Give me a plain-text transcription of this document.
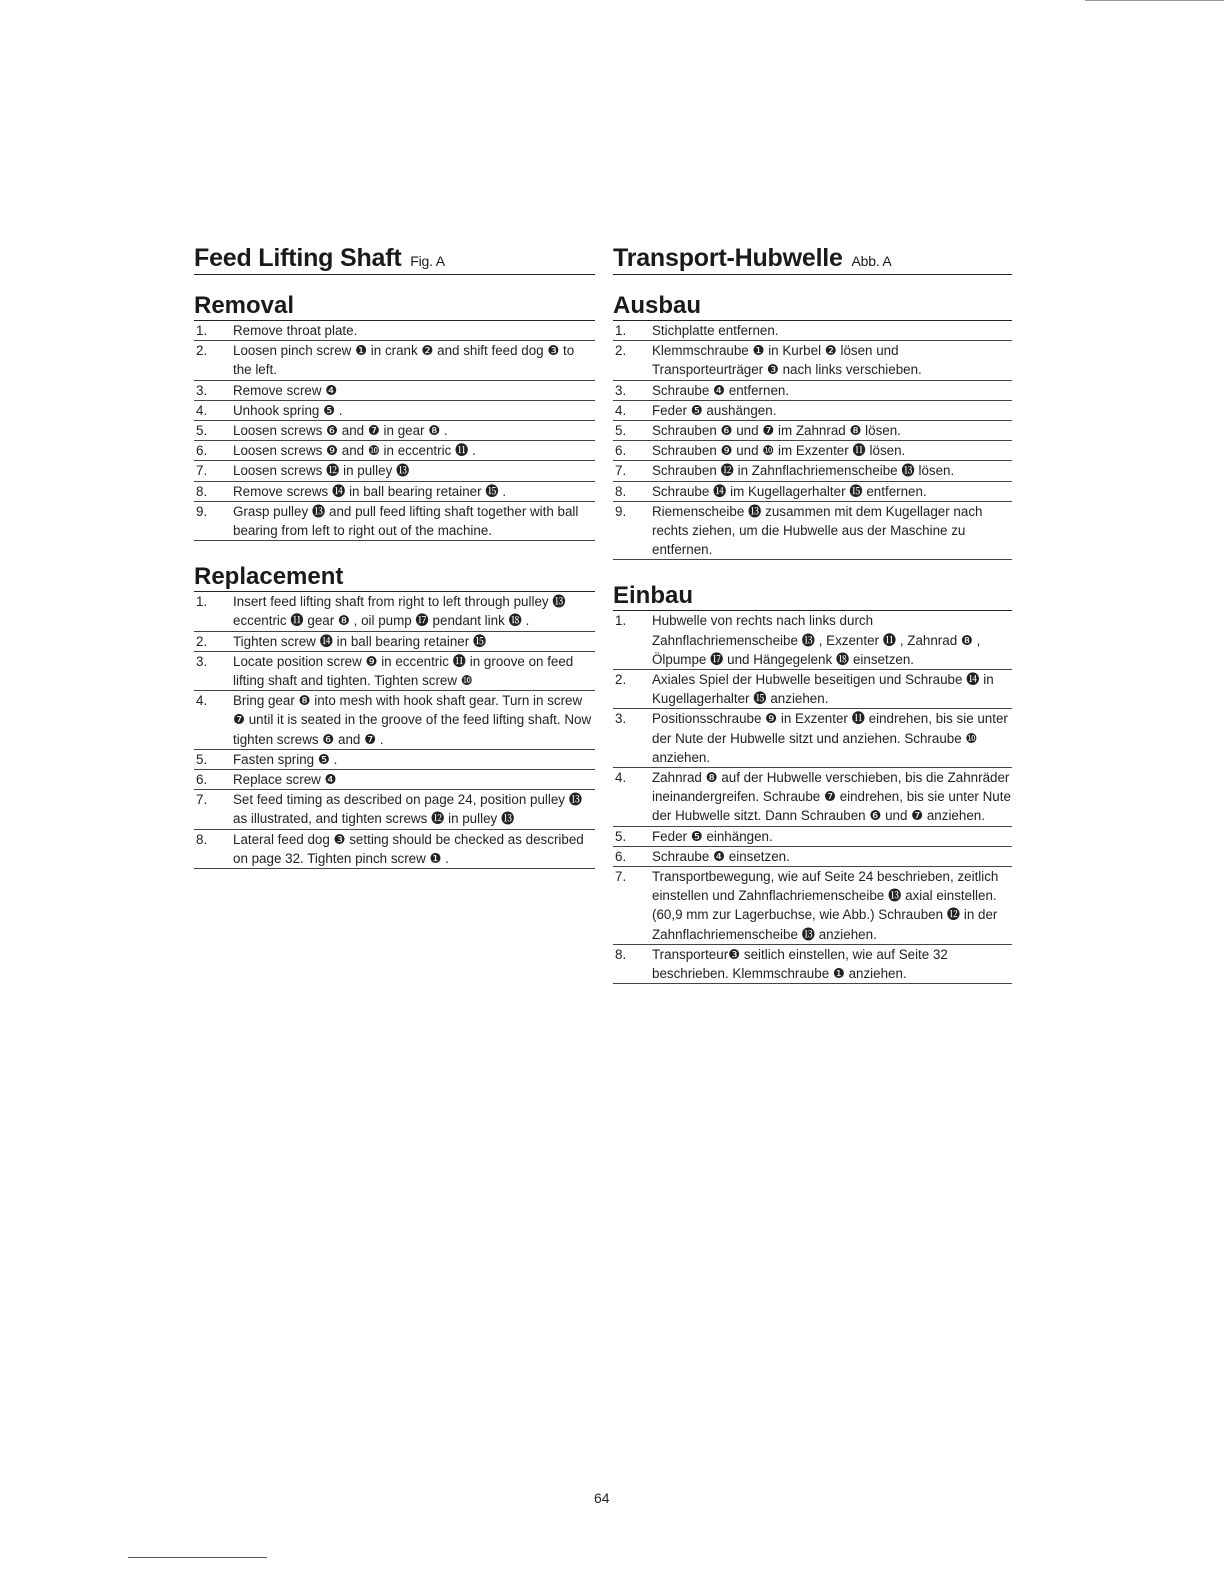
Feed Lifting Shaft Fig. A
Removal
1.	Remove throat plate.
2.	Loosen pinch screw ❶ in crank ❷ and shift feed dog ❸ to the left.
3.	Remove screw ❹
4.	Unhook spring ❺ .
5.	Loosen screws ❻ and ❼ in gear ❽ .
6.	Loosen screws ❾ and ❿ in eccentric ⓫ .
7.	Loosen screws ⓬ in pulley ⓭
8.	Remove screws ⓮ in ball bearing retainer ⓯ .
9.	Grasp pulley ⓭ and pull feed lifting shaft together with ball bearing from left to right out of the machine.
Replacement
1.	Insert feed lifting shaft from right to left through pulley ⓭ eccentric ⓫ gear ❽ , oil pump ⓱ pendant link ⓲ .
2.	Tighten screw ⓮ in ball bearing retainer ⓯
3.	Locate position screw ❾ in eccentric ⓫ in groove on feed lifting shaft and tighten. Tighten screw ❿
4.	Bring gear ❽ into mesh with hook shaft gear. Turn in screw ❼ until it is seated in the groove of the feed lifting shaft. Now tighten screws ❻ and ❼ .
5.	Fasten spring ❺ .
6.	Replace screw ❹
7.	Set feed timing as described on page 24, position pulley ⓭ as illustrated, and tighten screws ⓬ in pulley ⓭
8.	Lateral feed dog ❸ setting should be checked as described on page 32. Tighten pinch screw ❶ .
Transport-Hubwelle Abb. A
Ausbau
1.	Stichplatte entfernen.
2.	Klemmschraube ❶ in Kurbel ❷ lösen und Transporteurträger ❸ nach links verschieben.
3.	Schraube ❹ entfernen.
4.	Feder ❺ aushängen.
5.	Schrauben ❻ und ❼ im Zahnrad ❽ lösen.
6.	Schrauben ❾ und ❿ im Exzenter ⓫ lösen.
7.	Schrauben ⓬ in Zahnflachriemenscheibe ⓭ lösen.
8.	Schraube ⓮ im Kugellagerhalter ⓯ entfernen.
9.	Riemenscheibe ⓭ zusammen mit dem Kugellager nach rechts ziehen, um die Hubwelle aus der Maschine zu entfernen.
Einbau
1.	Hubwelle von rechts nach links durch Zahnflachriemenscheibe ⓭ , Exzenter ⓫ , Zahnrad ❽ , Ölpumpe ⓱ und Hängegelenk ⓲ einsetzen.
2.	Axiales Spiel der Hubwelle beseitigen und Schraube ⓮ in Kugellagerhalter ⓯ anziehen.
3.	Positionsschraube ❾ in Exzenter ⓫ eindrehen, bis sie unter der Nute der Hubwelle sitzt und anziehen. Schraube ❿ anziehen.
4.	Zahnrad ❽ auf der Hubwelle verschieben, bis die Zahnräder ineinandergreifen. Schraube ❼ eindrehen, bis sie unter Nute der Hubwelle sitzt. Dann Schrauben ❻ und ❼ anziehen.
5.	Feder ❺ einhängen.
6.	Schraube ❹ einsetzen.
7.	Transportbewegung, wie auf Seite 24 beschrieben, zeitlich einstellen und Zahnflachriemenscheibe ⓭ axial einstellen. (60,9 mm zur Lagerbuchse, wie Abb.) Schrauben ⓬ in der Zahnflachriemenscheibe ⓭ anziehen.
8.	Transporteur❸ seitlich einstellen, wie auf Seite 32 beschrieben. Klemmschraube ❶ anziehen.
64
